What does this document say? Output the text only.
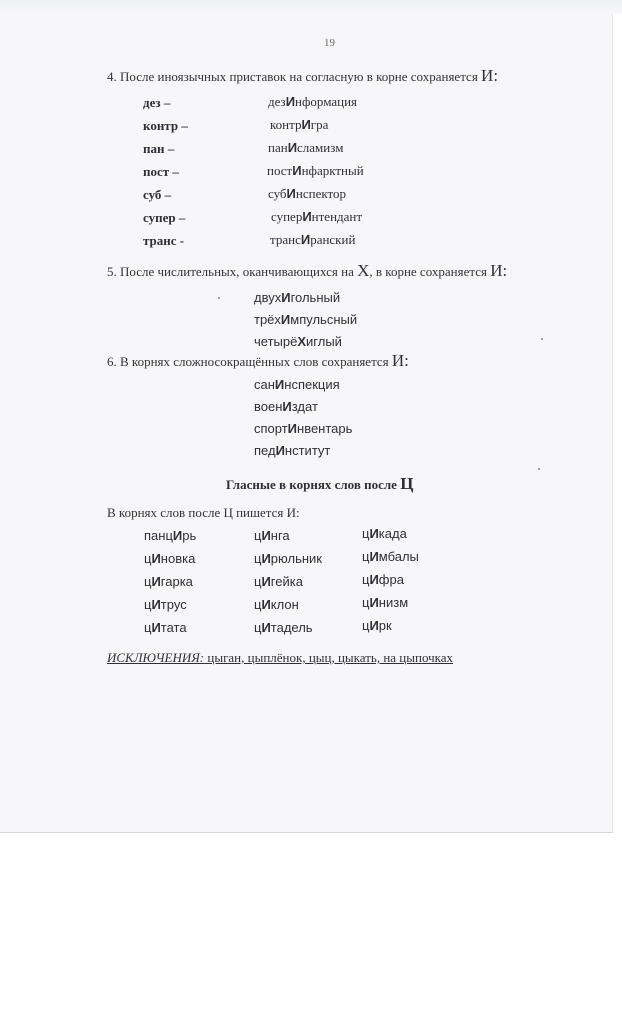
19
4. После иноязычных приставок на согласную в корне сохраняется И:
дез –
контр –
пан –
пост –
суб –
супер –
транс -
дезИнформация
контрИгра
панИсламизм
постИнфарктный
субИнспектор
суперИнтендант
трансИранский
5. После числительных, оканчивающихся на Х, в корне сохраняется И:
двухИгольный
трёхИмпульсный
четырёХиглый
6. В корнях сложносокращённых слов сохраняется И:
санИнспекция
военИздат
спортИнвентарь
педИнститут
Гласные в корнях слов после Ц
В корнях слов после Ц пишется И:
панцИрь
цИновка
цИгарка
цИтрус
цИтата
цИнга
цИрюльник
цИгейка
цИклон
цИтадель
цИкада
цИмбалы
цИфра
цИнизм
цИрк
ИСКЛЮЧЕНИЯ: цыган, цыплёнок, цыц, цыкать, на цыпочках
